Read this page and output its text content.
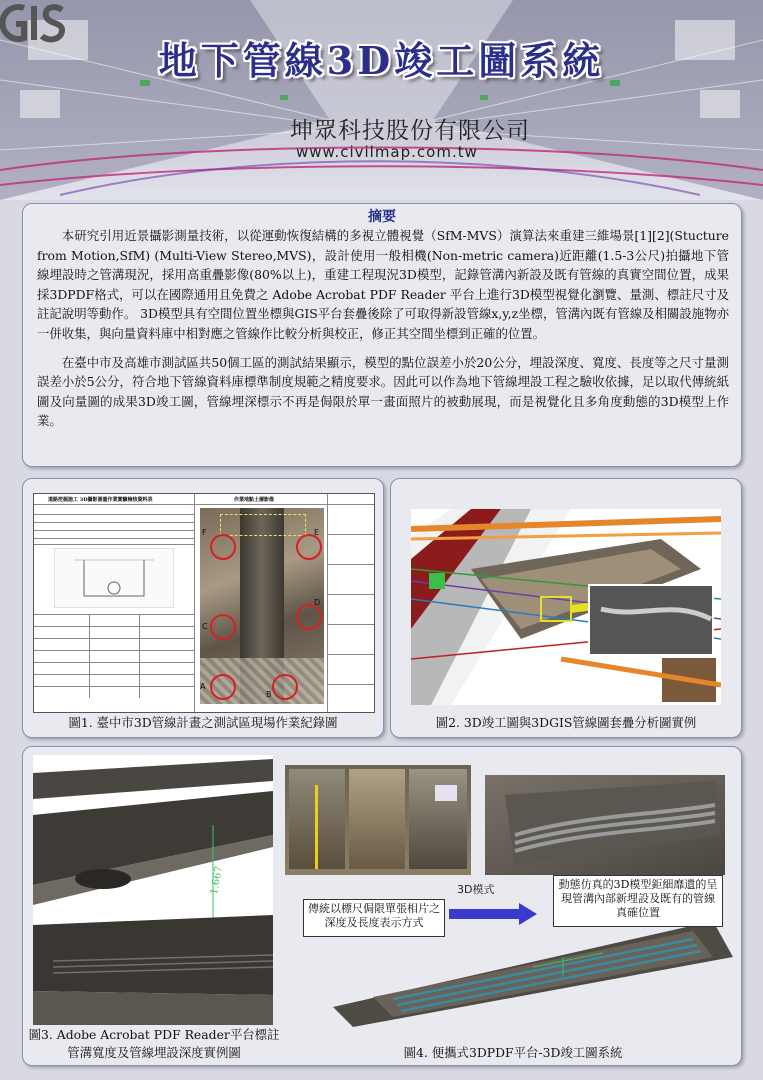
地下管線3D竣工圖系統
GIS
坤眾科技股份有限公司
www.civilmap.com.tw
摘要

本研究引用近景攝影測量技術，以從運動恢復結構的多視立體視覺（SfM-MVS）演算法來重建三維場景[1][2](Stucture from Motion,SfM) (Multi-View Stereo,MVS)，設計使用一般相機(Non-metric camera)近距離(1.5-3公尺)拍攝地下管線埋設時之管溝現況，採用高重疊影像(80%以上)，重建工程現況3D模型，記錄管溝內新設及既有管線的真實空間位置，成果採3DPDF格式，可以在國際通用且免費之 Adobe Acrobat PDF Reader 平台上進行3D模型視覺化瀏覽、量測、標註尺寸及註記說明等動作。 3D模型具有空間位置坐標與GIS平台套疊後除了可取得新設管線x,y,z坐標，管溝內既有管線及相關設施物亦一併收集，與向量資料庫中相對應之管線作比較分析與校正，修正其空間坐標到正確的位置。

在臺中市及高雄市測試區共50個工區的測試結果顯示，模型的點位誤差小於20公分，埋設深度、寬度、長度等之尺寸量測誤差小於5公分，符合地下管線資料庫標準制度規範之精度要求。因此可以作為地下管線埋設工程之驗收依據，足以取代傳統紙圖及向量圖的成果3D竣工圖，管線埋深標示不再是侷限於單一畫面照片的被動展現，而是視覺化且多角度動態的3D模型上作業。

道路挖掘施工 3D攝影測量作業實驗檢核資料表	作業地點土層影像
A
B
C
D
E
F
圖1. 臺中市3D管線計畫之測試區現場作業紀錄圖	圖2. 3D竣工圖與3DGIS管線圖套疊分析圖實例
1.667
圖3. Adobe Acrobat PDF Reader平台標註
管溝寬度及管線埋設深度實例圖
傳統以標尺侷限單張相片之深度及長度表示方式
動態仿真的3D模型鉅細靡遺的呈現管溝內部新埋設及既有的管線真確位置
3D模式
圖4. 便攜式3DPDF平台-3D竣工圖系統
